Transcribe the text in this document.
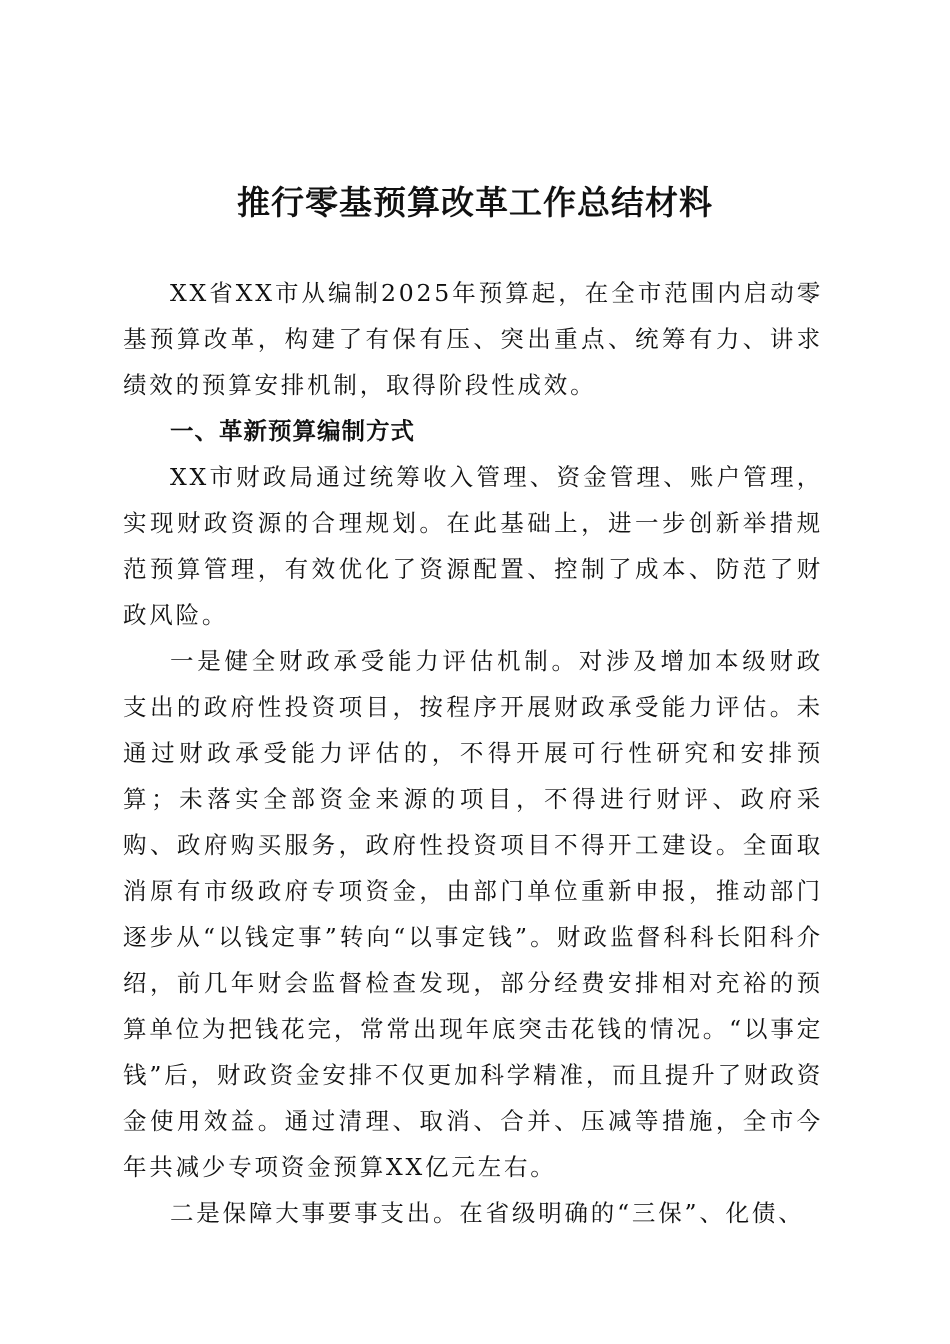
推行零基预算改革工作总结材料

XX省XX市从编制2025年预算起，在全市范围内启动零基预算改革，构建了有保有压、突出重点、统筹有力、讲求绩效的预算安排机制，取得阶段性成效。

一、革新预算编制方式

XX市财政局通过统筹收入管理、资金管理、账户管理，实现财政资源的合理规划。在此基础上，进一步创新举措规范预算管理，有效优化了资源配置、控制了成本、防范了财政风险。

一是健全财政承受能力评估机制。对涉及增加本级财政支出的政府性投资项目，按程序开展财政承受能力评估。未通过财政承受能力评估的，不得开展可行性研究和安排预算；未落实全部资金来源的项目，不得进行财评、政府采购、政府购买服务，政府性投资项目不得开工建设。全面取消原有市级政府专项资金，由部门单位重新申报，推动部门逐步从“以钱定事”转向“以事定钱”。财政监督科科长阳科介绍，前几年财会监督检查发现，部分经费安排相对充裕的预算单位为把钱花完，常常出现年底突击花钱的情况。“以事定钱”后，财政资金安排不仅更加科学精准，而且提升了财政资金使用效益。通过清理、取消、合并、压减等措施，全市今年共减少专项资金预算XX亿元左右。

二是保障大事要事支出。在省级明确的“三保”、化债、
